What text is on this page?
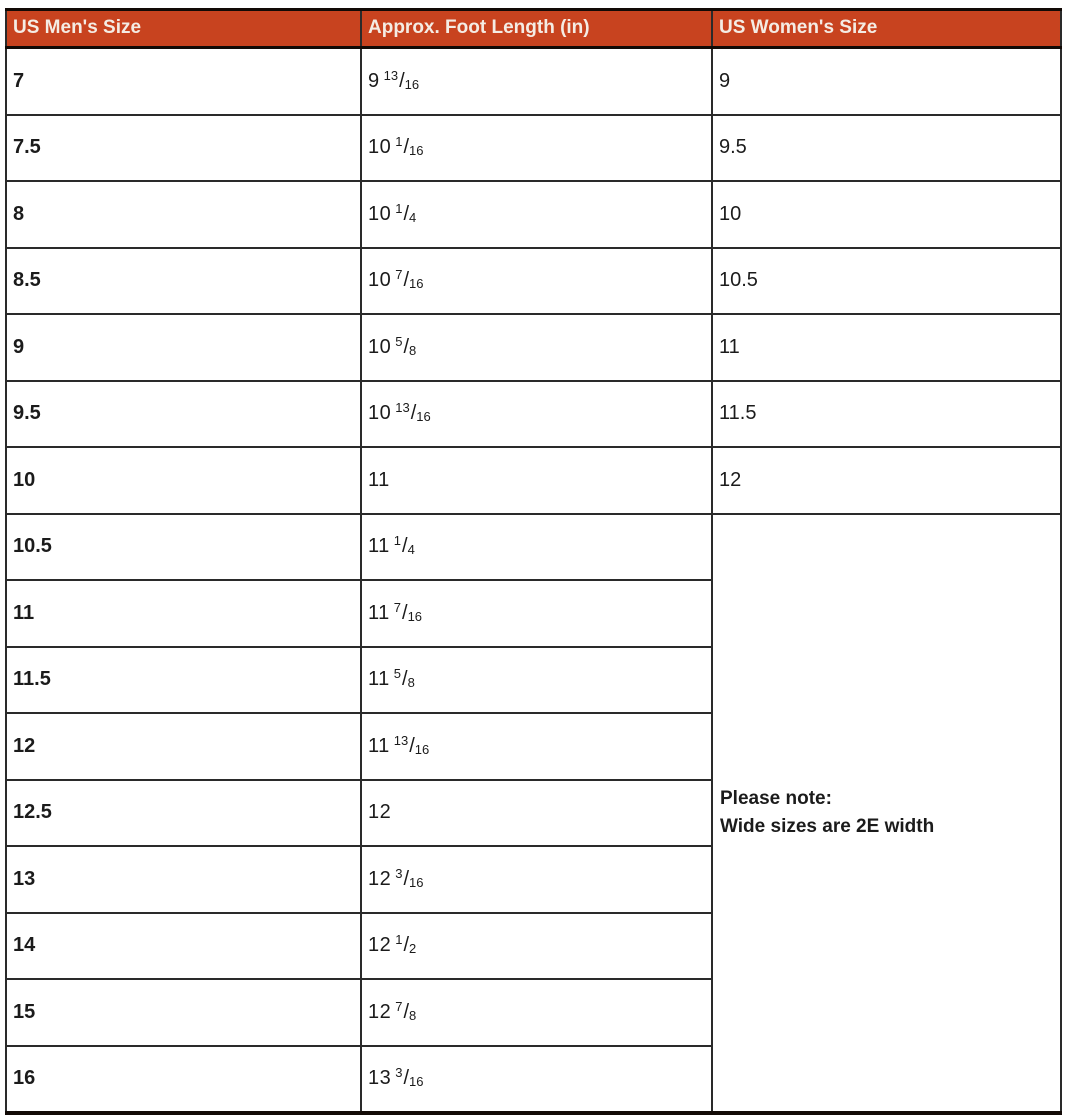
US Men's Size	Approx. Foot Length (in)	US Women's Size
7	9 $^{13}$/16	9
7.5	10 $^1$/16	9.5
8	10 $^1$/4	10
8.5	10 $^7$/16	10.5
9	10 $^5$/8	11
9.5	10 $^{13}$/16	11.5
10	11	12
10.5	11 $^1$/4	Please note:
Wide sizes are 2E width

11	11 $^7$/16	
11.5	11 $^5$/8	
12	11 $^{13}$/16	
12.5	12	
13	12 $^3$/16	
14	12 $^1$/2	
15	12 $^7$/8	
16	13 $^3$/16	
